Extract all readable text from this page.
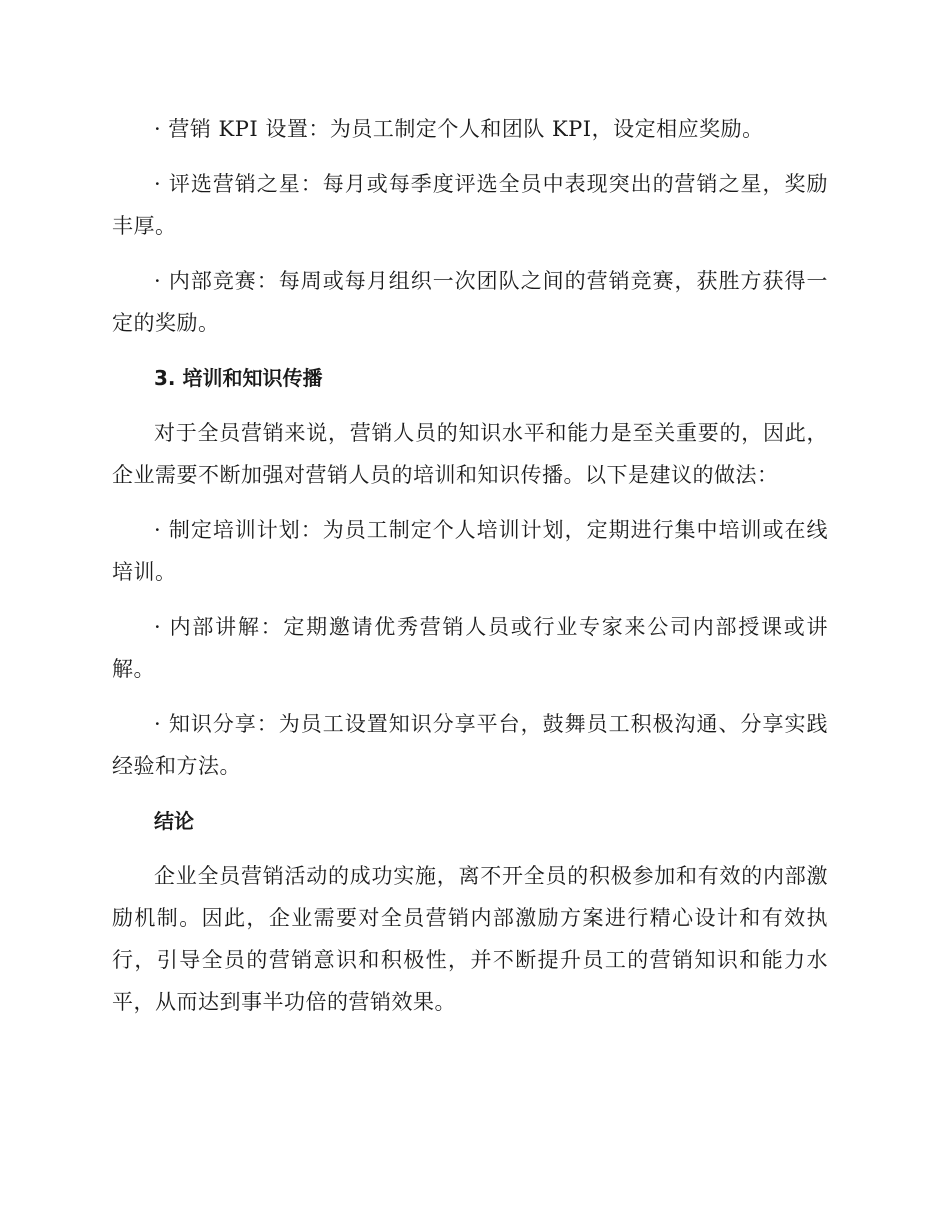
· 营销 KPI 设置：为员工制定个人和团队 KPI，设定相应奖励。

· 评选营销之星：每月或每季度评选全员中表现突出的营销之星，奖励丰厚。

· 内部竞赛：每周或每月组织一次团队之间的营销竞赛，获胜方获得一定的奖励。

3. 培训和知识传播

对于全员营销来说，营销人员的知识水平和能力是至关重要的，因此，企业需要不断加强对营销人员的培训和知识传播。以下是建议的做法：

· 制定培训计划：为员工制定个人培训计划，定期进行集中培训或在线培训。

· 内部讲解：定期邀请优秀营销人员或行业专家来公司内部授课或讲解。

· 知识分享：为员工设置知识分享平台，鼓舞员工积极沟通、分享实践经验和方法。

结论

企业全员营销活动的成功实施，离不开全员的积极参加和有效的内部激励机制。因此，企业需要对全员营销内部激励方案进行精心设计和有效执行，引导全员的营销意识和积极性，并不断提升员工的营销知识和能力水平，从而达到事半功倍的营销效果。
